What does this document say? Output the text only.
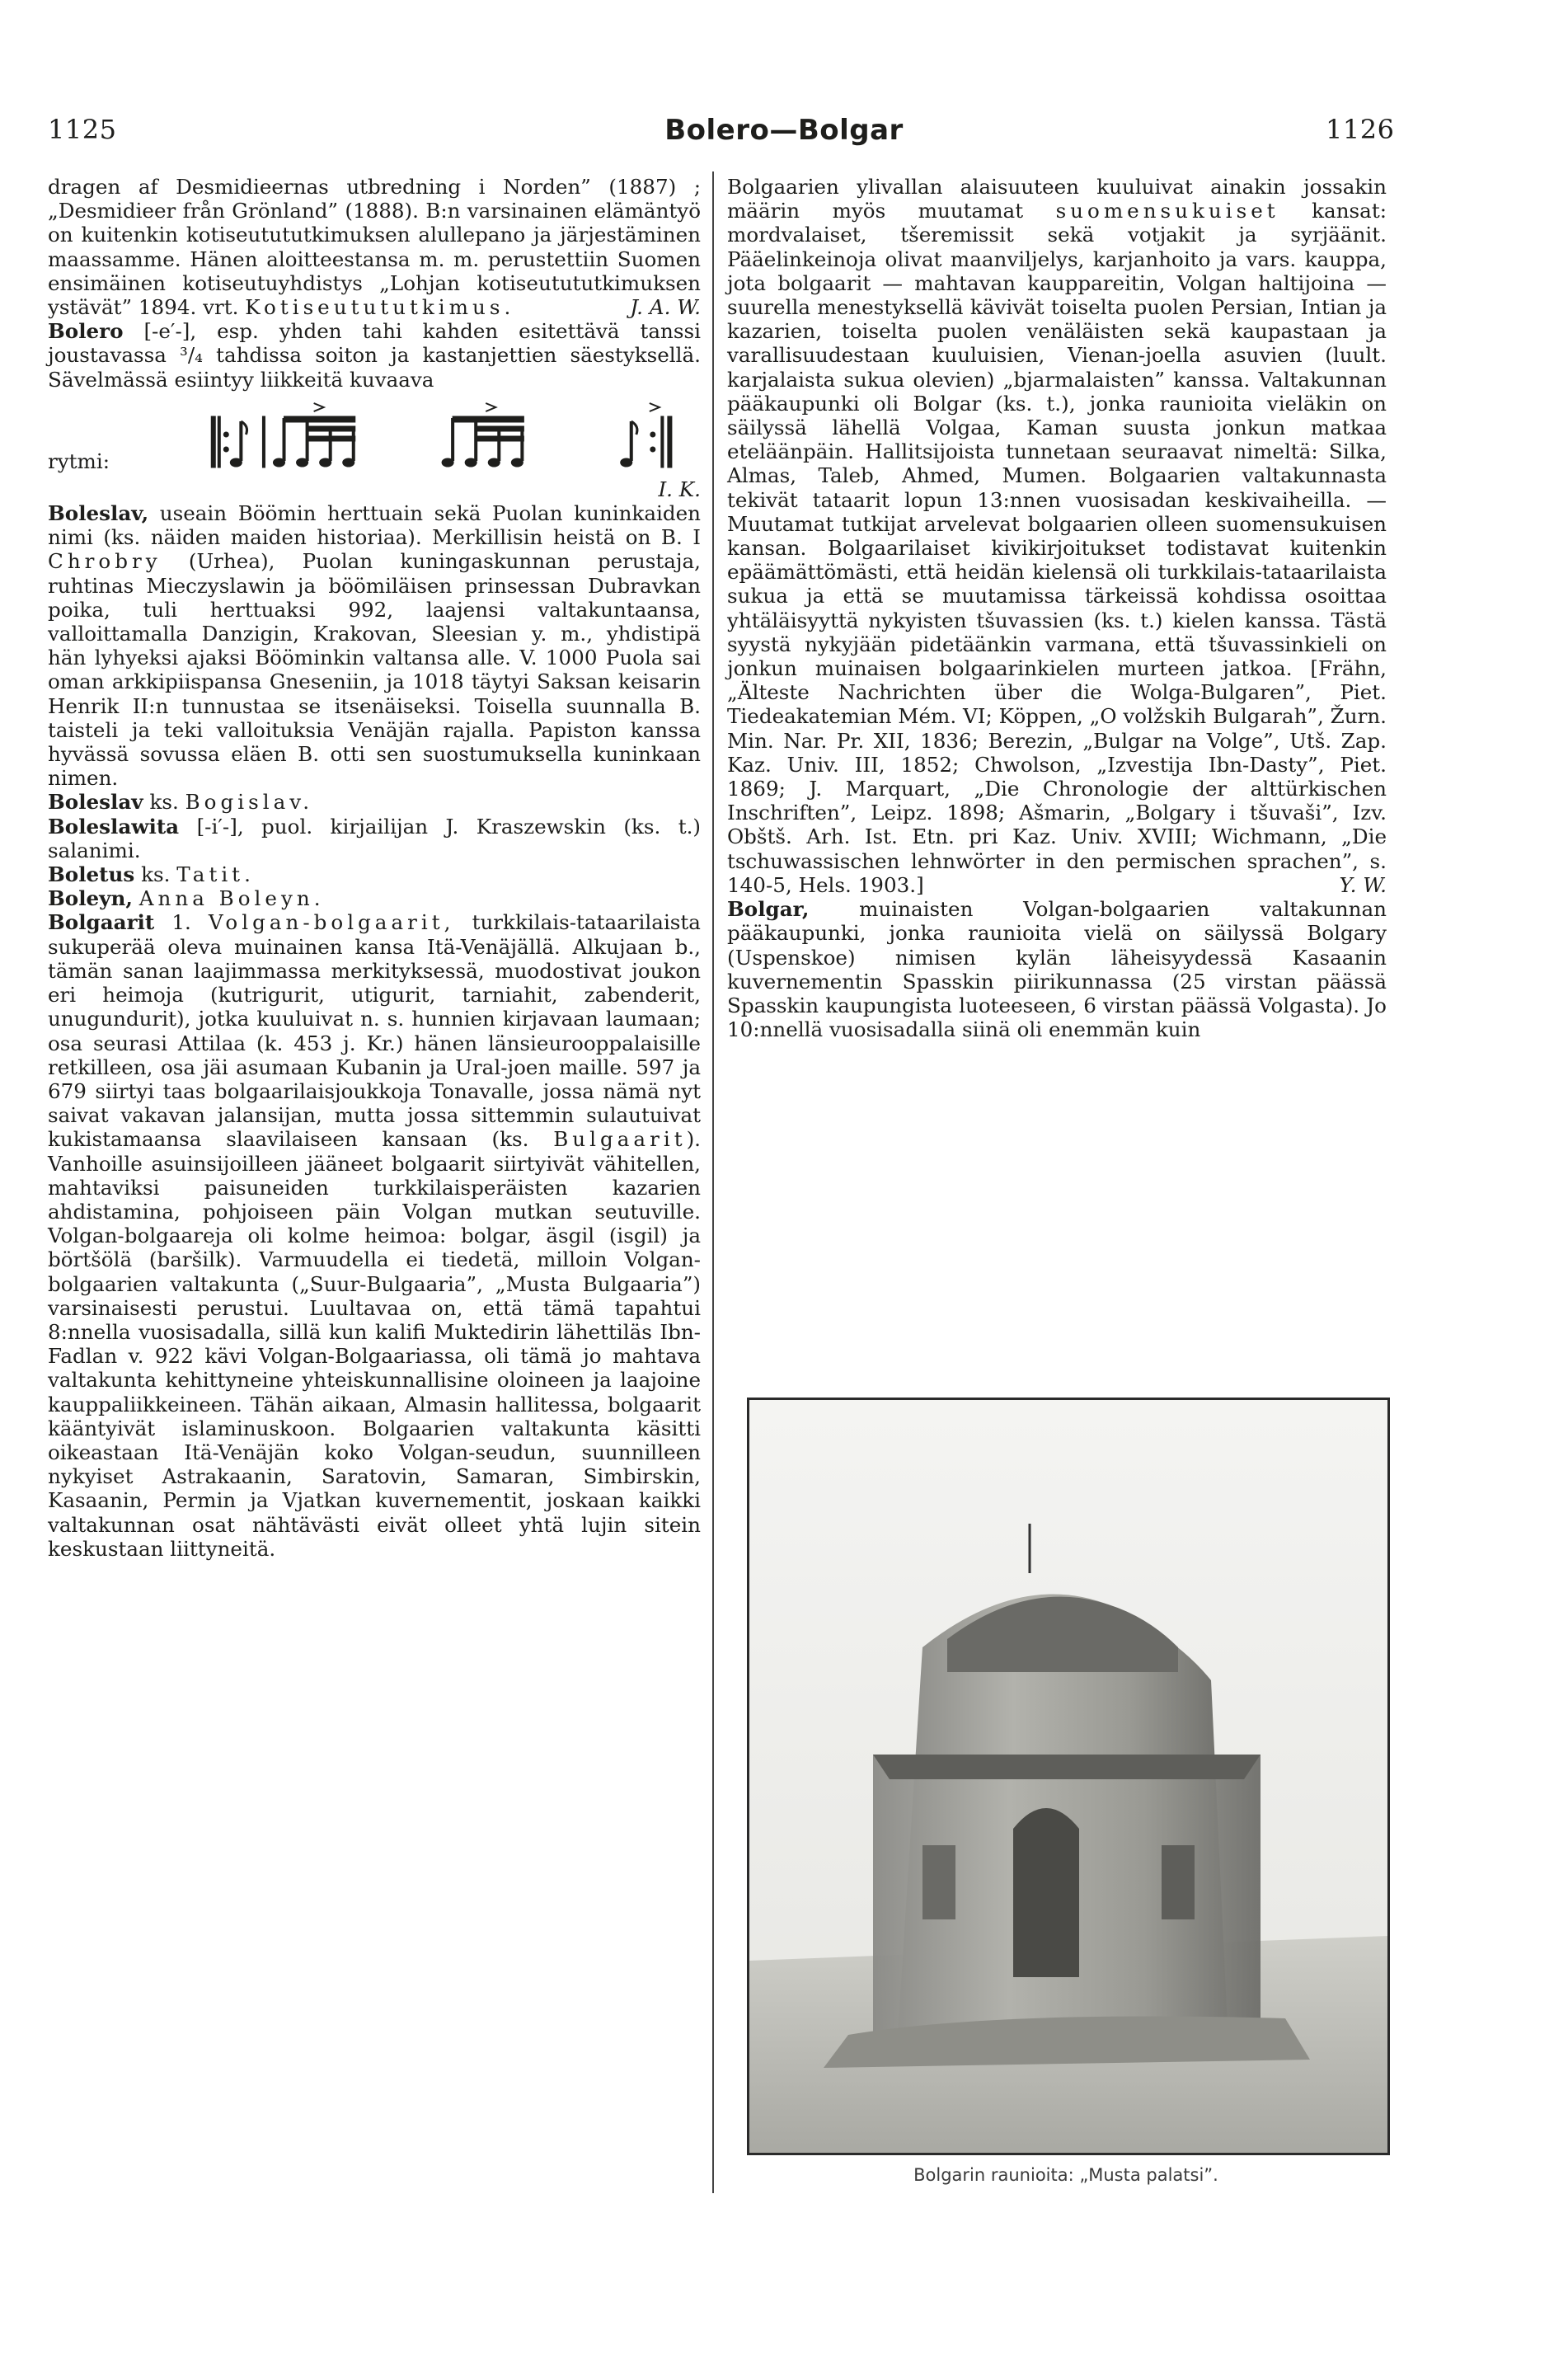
1125	Bolero—Bolgar	1126

dragen af Desmidieernas utbredning i Norden” (1887) ; „Desmidieer från Grönland” (1888). B:n varsinainen elämäntyö on kuitenkin kotiseutututkimuksen alullepano ja järjestäminen maassamme. Hänen aloitteestansa m. m. perustettiin Suomen ensimäinen kotiseutuyhdistys „Lohjan kotiseutututkimuksen ystävät” 1894. vrt. Kotiseutututkimus.	J. A. W.

Bolero [-e′-], esp. yhden tahi kahden esitettävä tanssi joustavassa ³/₄ tahdissa soiton ja kastanjettien säestyksellä. Sävelmässä esiintyy liikkeitä kuvaava

rytmi:

I. K.

Boleslav, useain Böömin herttuain sekä Puolan kuninkaiden nimi (ks. näiden maiden historiaa). Merkillisin heistä on B. I Chrobry (Urhea), Puolan kuningaskunnan perustaja, ruhtinas Mieczyslawin ja böömiläisen prinsessan Dubravkan poika, tuli herttuaksi 992, laajensi valtakuntaansa, valloittamalla Danzigin, Krakovan, Sleesian y. m., yhdistipä hän lyhyeksi ajaksi Bööminkin valtansa alle. V. 1000 Puola sai oman arkkipiispansa Gneseniin, ja 1018 täytyi Saksan keisarin Henrik II:n tunnustaa se itsenäiseksi. Toisella suunnalla B. taisteli ja teki valloituksia Venäjän rajalla. Papiston kanssa hyvässä sovussa eläen B. otti sen suostumuksella kuninkaan nimen.

Boleslav ks. Bogislav.

Boleslawita [-i′-], puol. kirjailijan J. Kraszewskin (ks. t.) salanimi.

Boletus ks. Tatit.

Boleyn, Anna Boleyn.

Bolgaarit 1. Volgan-bolgaarit, turkkilais-tataarilaista sukuperää oleva muinainen kansa Itä-Venäjällä. Alkujaan b., tämän sanan laajimmassa merkityksessä, muodostivat joukon eri heimoja (kutrigurit, utigurit, tarniahit, zabenderit, unugundurit), jotka kuuluivat n. s. hunnien kirjavaan laumaan; osa seurasi Attilaa (k. 453 j. Kr.) hänen länsieurooppalaisille retkilleen, osa jäi asumaan Kubanin ja Ural-joen maille. 597 ja 679 siirtyi taas bolgaarilaisjoukkoja Tonavalle, jossa nämä nyt saivat vakavan jalansijan, mutta jossa sittemmin sulautuivat kukistamaansa slaavilaiseen kansaan (ks. Bulgaarit). Vanhoille asuinsijoilleen jääneet bolgaarit siirtyivät vähitellen, mahtaviksi paisuneiden turkkilaisperäisten kazarien ahdistamina, pohjoiseen päin Volgan mutkan seutuville. Volgan-bolgaareja oli kolme heimoa: bolgar, äsgil (isgil) ja börtšölä (baršilk). Varmuudella ei tiedetä, milloin Volgan-bolgaarien valtakunta („Suur-Bulgaaria”, „Musta Bulgaaria”) varsinaisesti perustui. Luultavaa on, että tämä tapahtui 8:nnella vuosisadalla, sillä kun kalifi Muktedirin lähettiläs Ibn-Fadlan v. 922 kävi Volgan-Bolgaariassa, oli tämä jo mahtava valtakunta kehittyneine yhteiskunnallisine oloineen ja laajoine kauppaliikkeineen. Tähän aikaan, Almasin hallitessa, bolgaarit kääntyivät islaminuskoon. Bolgaarien valtakunta käsitti oikeastaan Itä-Venäjän koko Volgan-seudun, suunnilleen nykyiset Astrakaanin, Saratovin, Samaran, Simbirskin, Kasaanin, Permin ja Vjatkan kuvernementit, joskaan kaikki valtakunnan osat nähtävästi eivät olleet yhtä lujin sitein keskustaan liittyneitä.

Bolgaarien ylivallan alaisuuteen kuuluivat ainakin jossakin määrin myös muutamat suomensukuiset kansat: mordvalaiset, tšeremissit sekä votjakit ja syrjäänit. Pääelinkeinoja olivat maanviljelys, karjanhoito ja vars. kauppa, jota bolgaarit — mahtavan kauppareitin, Volgan haltijoina — suurella menestyksellä kävivät toiselta puolen Persian, Intian ja kazarien, toiselta puolen venäläisten sekä kaupastaan ja varallisuudestaan kuuluisien, Vienan-joella asuvien (luult. karjalaista sukua olevien) „bjarmalaisten” kanssa. Valtakunnan pääkaupunki oli Bolgar (ks. t.), jonka raunioita vieläkin on säilyssä lähellä Volgaa, Kaman suusta jonkun matkaa eteläänpäin. Hallitsijoista tunnetaan seuraavat nimeltä: Silka, Almas, Taleb, Ahmed, Mumen. Bolgaarien valtakunnasta tekivät tataarit lopun 13:nnen vuosisadan keskivaiheilla. — Muutamat tutkijat arvelevat bolgaarien olleen suomensukuisen kansan. Bolgaarilaiset kivikirjoitukset todistavat kuitenkin epäämättömästi, että heidän kielensä oli turkkilais-tataarilaista sukua ja että se muutamissa tärkeissä kohdissa osoittaa yhtäläisyyttä nykyisten tšuvassien (ks. t.) kielen kanssa. Tästä syystä nykyjään pidetäänkin varmana, että tšuvassinkieli on jonkun muinaisen bolgaarinkielen murteen jatkoa. [Frähn, „Älteste Nachrichten über die Wolga-Bulgaren”, Piet. Tiedeakatemian Mém. VI; Köppen, „O volžskih Bulgarah”, Žurn. Min. Nar. Pr. XII, 1836; Berezin, „Bulgar na Volge”, Utš. Zap. Kaz. Univ. III, 1852; Chwolson, „Izvestija Ibn-Dasty”, Piet. 1869; J. Marquart, „Die Chronologie der alttürkischen Inschriften”, Leipz. 1898; Ašmarin, „Bolgary i tšuvaši”, Izv. Obštš. Arh. Ist. Etn. pri Kaz. Univ. XVIII; Wichmann, „Die tschuwassischen lehnwörter in den permischen sprachen”, s. 140-5, Hels. 1903.]	Y. W.

Bolgar, muinaisten Volgan-bolgaarien valtakunnan pääkaupunki, jonka raunioita vielä on säilyssä Bolgary (Uspenskoe) nimisen kylän läheisyydessä Kasaanin kuvernementin Spasskin piirikunnassa (25 virstan päässä Spasskin kaupungista luoteeseen, 6 virstan päässä Volgasta). Jo 10:nnellä vuosisadalla siinä oli enemmän kuin

Bolgarin raunioita: „Musta palatsi”.
